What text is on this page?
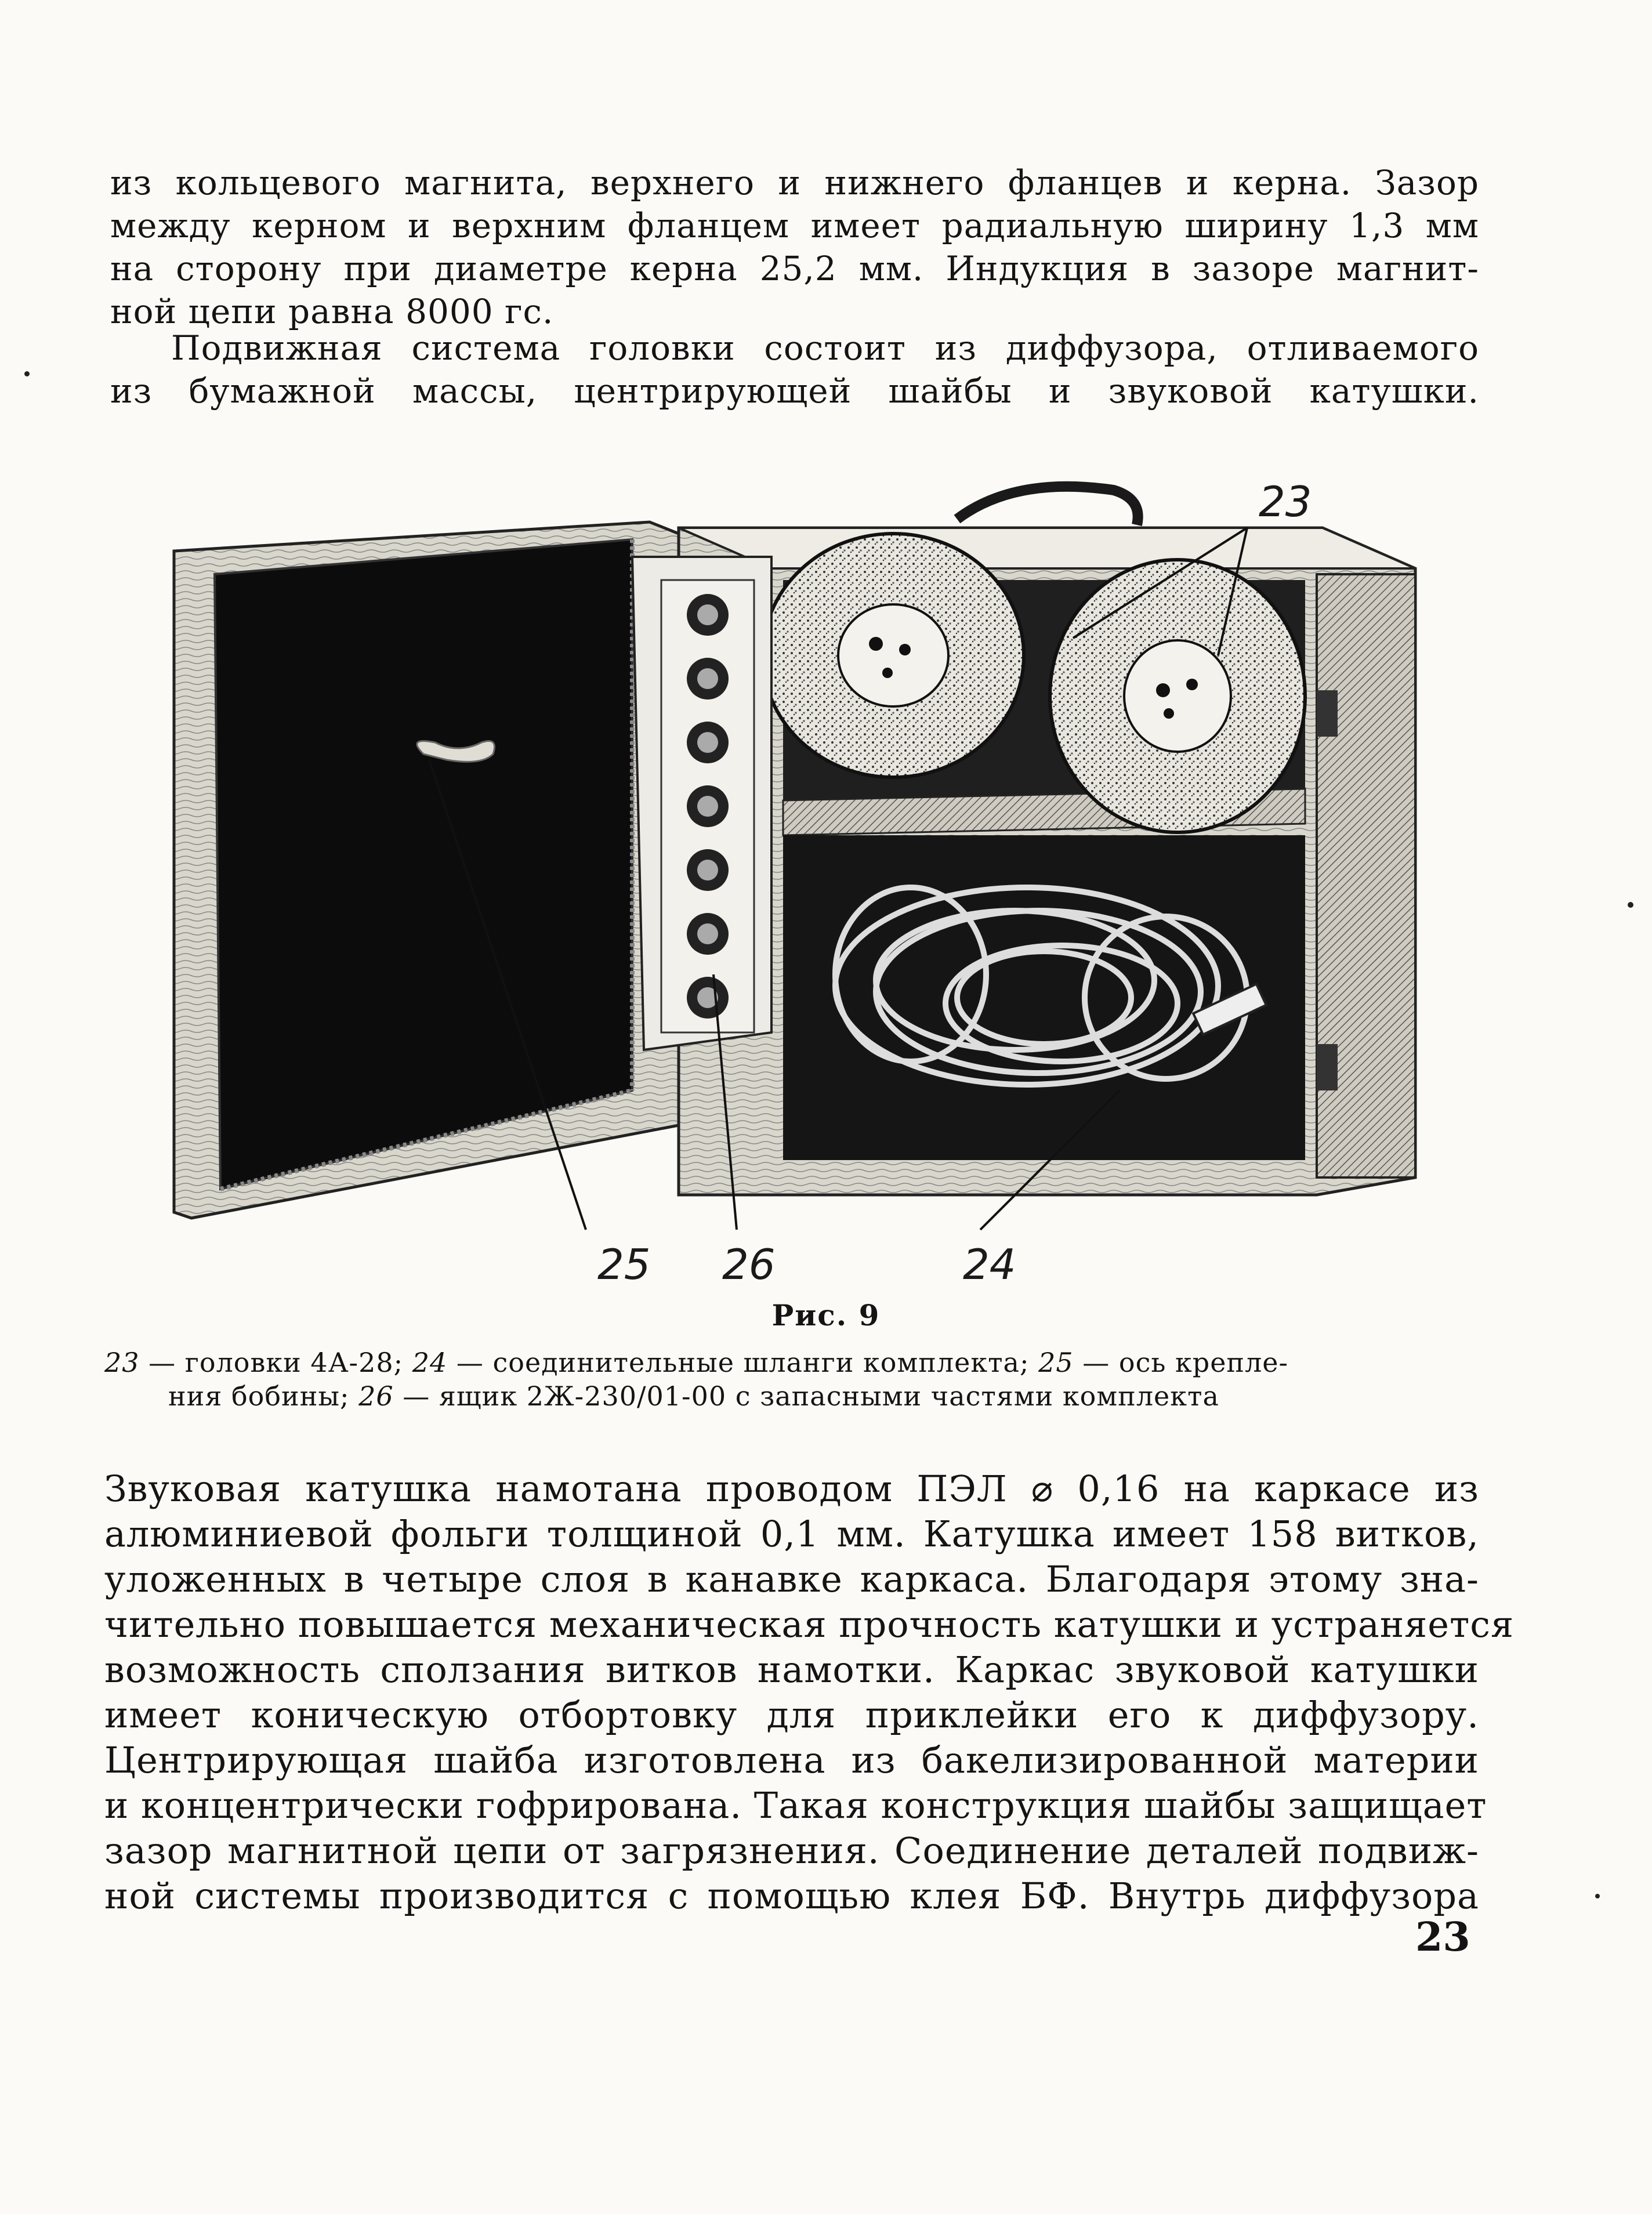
из кольцевого магнита, верхнего и нижнего фланцев и керна. Зазор
между керном и верхним фланцем имеет радиальную ширину 1,3 мм
на сторону при диаметре керна 25,2 мм. Индукция в зазоре магнит-
ной цепи равна 8000 гс.
Подвижная система головки состоит из диффузора, отливаемого
из бумажной массы, центрирующей шайбы и звуковой катушки.
23
25 26	24
Рис. 9
23 — головки 4А-28; 24 — соединительные шланги комплекта; 25 — ось крепле-
ния бобины; 26 — ящик 2Ж-230/01-00 с запасными частями комплекта
Звуковая катушка намотана проводом ПЭЛ ⌀ 0,16 на каркасе из
алюминиевой фольги толщиной 0,1 мм. Катушка имеет 158 витков,
уложенных в четыре слоя в канавке каркаса. Благодаря этому зна-
чительно повышается механическая прочность катушки и устраняется
возможность сползания витков намотки. Каркас звуковой катушки
имеет коническую отбортовку для приклейки его к диффузору.
Центрирующая шайба изготовлена из бакелизированной материи
и концентрически гофрирована. Такая конструкция шайбы защищает
зазор магнитной цепи от загрязнения. Соединение деталей подвиж-
ной системы производится с помощью клея БФ. Внутрь диффузора
23
